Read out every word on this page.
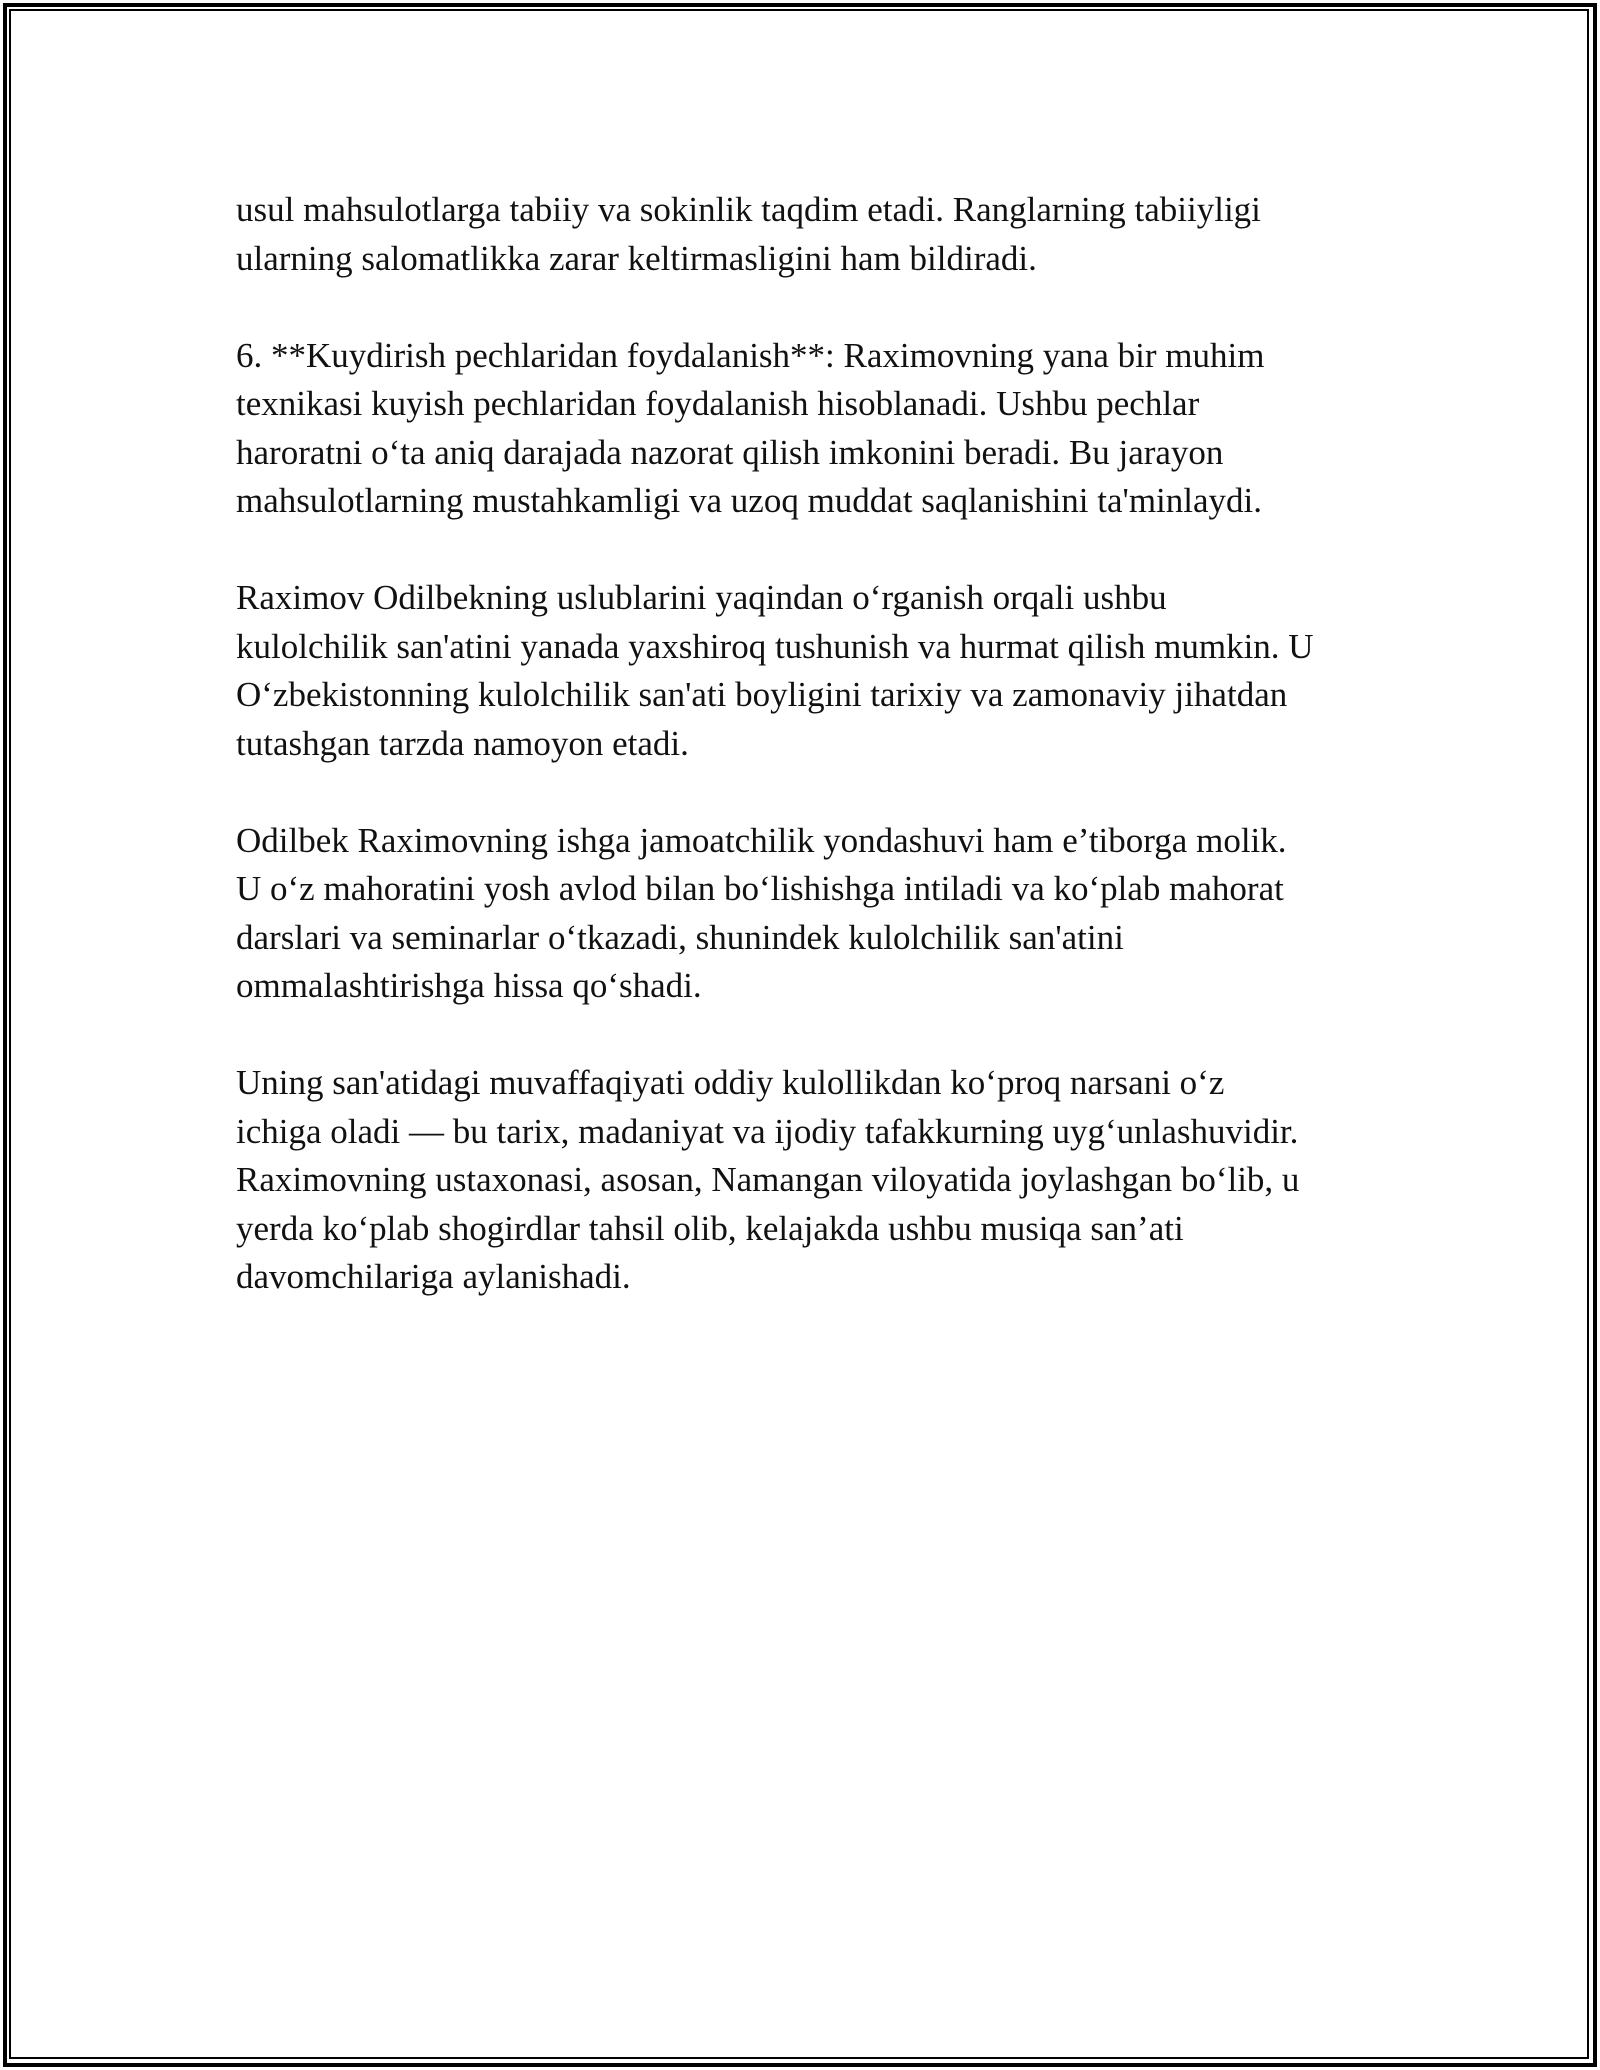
usul mahsulotlarga tabiiy va sokinlik taqdim etadi. Ranglarning tabiiyligi
ularning salomatlikka zarar keltirmasligini ham bildiradi.

6. **Kuydirish pechlaridan foydalanish**: Raximovning yana bir muhim
texnikasi kuyish pechlaridan foydalanish hisoblanadi. Ushbu pechlar
haroratni o‘ta aniq darajada nazorat qilish imkonini beradi. Bu jarayon
mahsulotlarning mustahkamligi va uzoq muddat saqlanishini ta'minlaydi.

Raximov Odilbekning uslublarini yaqindan o‘rganish orqali ushbu
kulolchilik san'atini yanada yaxshiroq tushunish va hurmat qilish mumkin. U
O‘zbekistonning kulolchilik san'ati boyligini tarixiy va zamonaviy jihatdan
tutashgan tarzda namoyon etadi.

Odilbek Raximovning ishga jamoatchilik yondashuvi ham e’tiborga molik.
U o‘z mahoratini yosh avlod bilan bo‘lishishga intiladi va ko‘plab mahorat
darslari va seminarlar o‘tkazadi, shunindek kulolchilik san'atini
ommalashtirishga hissa qo‘shadi.

Uning san'atidagi muvaffaqiyati oddiy kulollikdan ko‘proq narsani o‘z
ichiga oladi — bu tarix, madaniyat va ijodiy tafakkurning uyg‘unlashuvidir.
Raximovning ustaxonasi, asosan, Namangan viloyatida joylashgan bo‘lib, u
yerda ko‘plab shogirdlar tahsil olib, kelajakda ushbu musiqa san’ati
davomchilariga aylanishadi.
